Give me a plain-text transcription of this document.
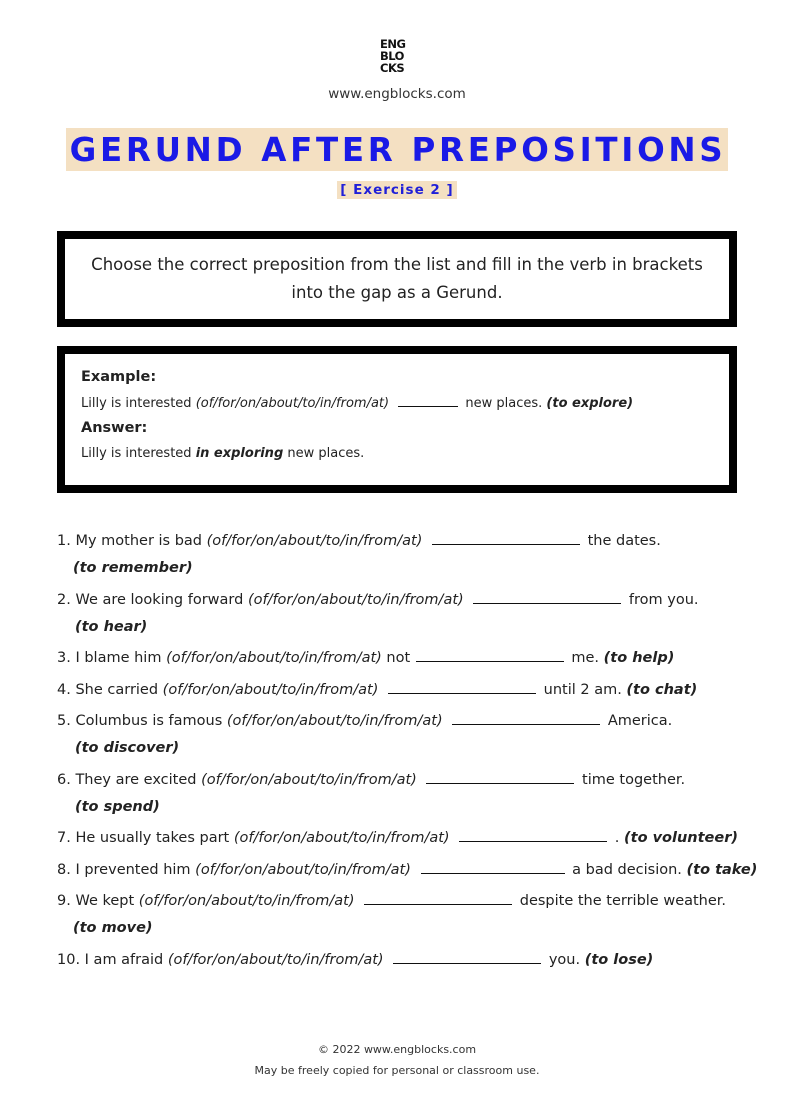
ENG
BLO
CKS
www.engblocks.com
GERUND AFTER PREPOSITIONS
[ Exercise 2 ]
Choose the correct preposition from the list and fill in the verb in brackets into the gap as a Gerund.
Example:
Lilly is interested (of/for/on/about/to/in/from/at)	new places. (to explore)
Answer:
Lilly is interested in exploring new places.
1. My mother is bad (of/for/on/about/to/in/from/at)	the dates.
(to remember)
2. We are looking forward (of/for/on/about/to/in/from/at)	from you.
(to hear)
3. I blame him (of/for/on/about/to/in/from/at) not	me. (to help)
4. She carried (of/for/on/about/to/in/from/at)	until 2 am. (to chat)
5. Columbus is famous (of/for/on/about/to/in/from/at)	America.
(to discover)
6. They are excited (of/for/on/about/to/in/from/at)	time together.
(to spend)
7. He usually takes part (of/for/on/about/to/in/from/at)	. (to volunteer)
8. I prevented him (of/for/on/about/to/in/from/at)	a bad decision. (to take)
9. We kept (of/for/on/about/to/in/from/at)	despite the terrible weather.
(to move)
10. I am afraid (of/for/on/about/to/in/from/at)	you. (to lose)
© 2022 www.engblocks.com
May be freely copied for personal or classroom use.
